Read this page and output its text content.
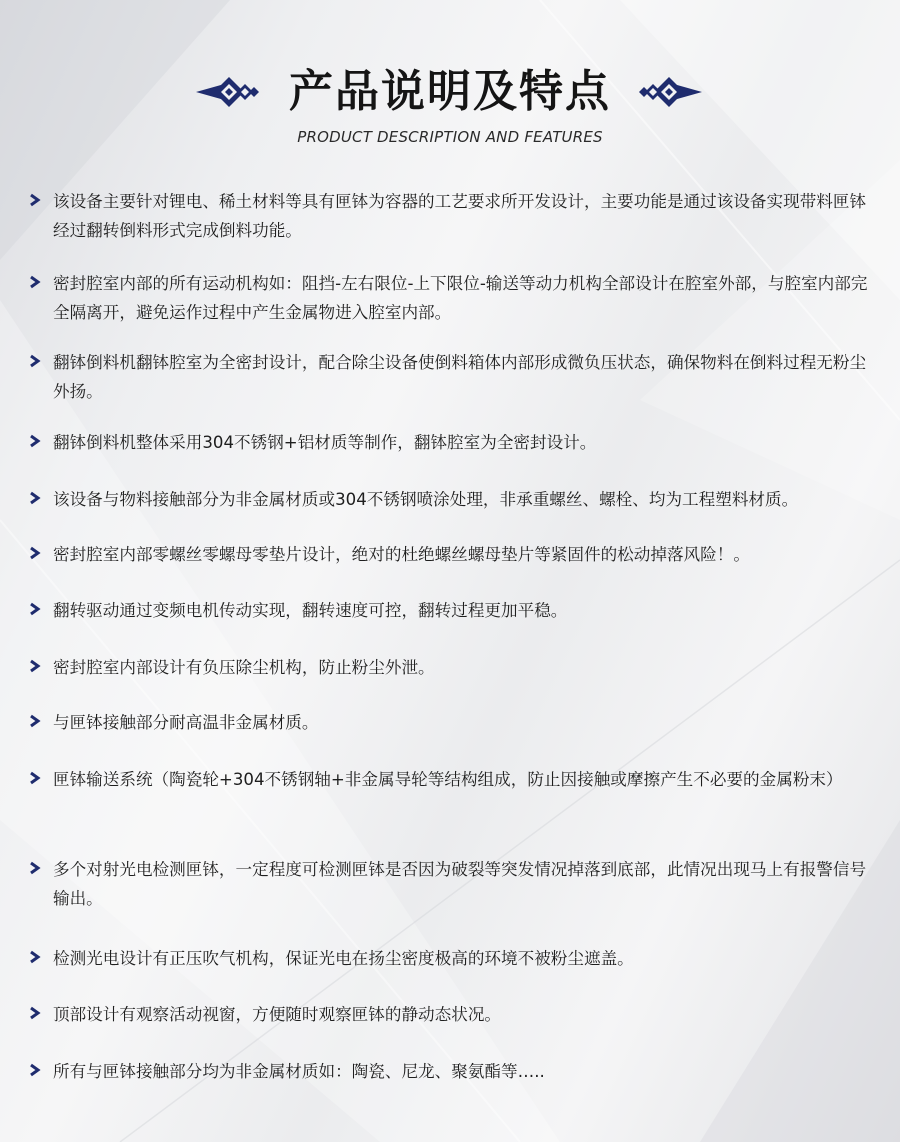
产品说明及特点
PRODUCT DESCRIPTION AND FEATURES
该设备主要针对锂电、稀土材料等具有匣钵为容器的工艺要求所开发设计，主要功能是通过该设备实现带料匣钵经过翻转倒料形式完成倒料功能。
密封腔室内部的所有运动机构如：阻挡-左右限位-上下限位-输送等动力机构全部设计在腔室外部，与腔室内部完全隔离开，避免运作过程中产生金属物进入腔室内部。
翻钵倒料机翻钵腔室为全密封设计，配合除尘设备使倒料箱体内部形成微负压状态，确保物料在倒料过程无粉尘外扬。
翻钵倒料机整体采用304不锈钢+铝材质等制作，翻钵腔室为全密封设计。
该设备与物料接触部分为非金属材质或304不锈钢喷涂处理，非承重螺丝、螺栓、均为工程塑料材质。
密封腔室内部零螺丝零螺母零垫片设计，绝对的杜绝螺丝螺母垫片等紧固件的松动掉落风险！。
翻转驱动通过变频电机传动实现，翻转速度可控，翻转过程更加平稳。
密封腔室内部设计有负压除尘机构，防止粉尘外泄。
与匣钵接触部分耐高温非金属材质。
匣钵输送系统（陶瓷轮+304不锈钢轴+非金属导轮等结构组成，防止因接触或摩擦产生不必要的金属粉末）
多个对射光电检测匣钵，一定程度可检测匣钵是否因为破裂等突发情况掉落到底部，此情况出现马上有报警信号输出。
检测光电设计有正压吹气机构，保证光电在扬尘密度极高的环境不被粉尘遮盖。
顶部设计有观察活动视窗，方便随时观察匣钵的静动态状况。
所有与匣钵接触部分均为非金属材质如：陶瓷、尼龙、聚氨酯等…..
